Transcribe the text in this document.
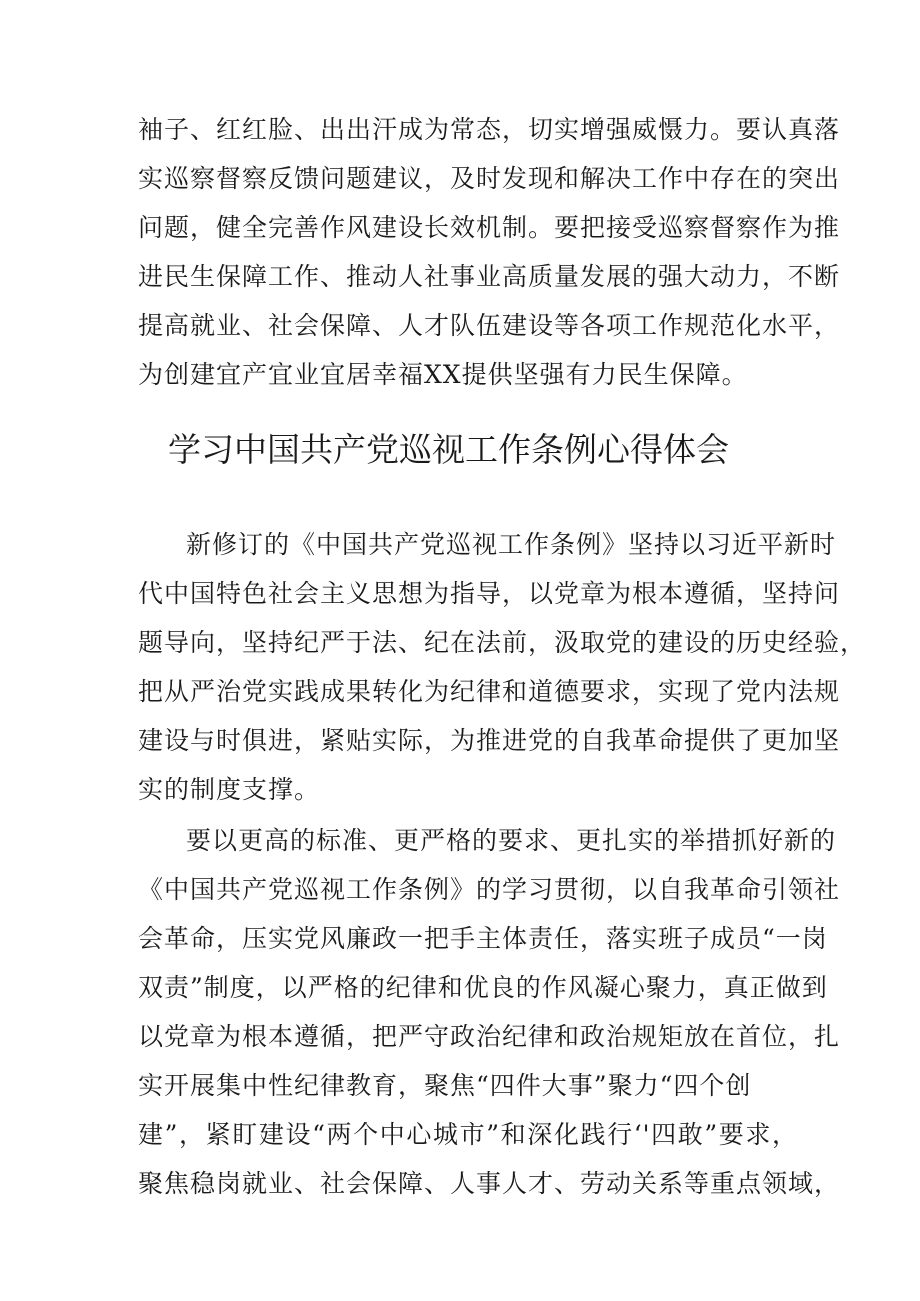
袖子、红红脸、出出汗成为常态，切实增强威慑力。要认真落
实巡察督察反馈问题建议，及时发现和解决工作中存在的突出
问题，健全完善作风建设长效机制。要把接受巡察督察作为推
进民生保障工作、推动人社事业高质量发展的强大动力，不断
提高就业、社会保障、人才队伍建设等各项工作规范化水平，
为创建宜产宜业宜居幸福XX提供坚强有力民生保障。
学习中国共产党巡视工作条例心得体会
新修订的《中国共产党巡视工作条例》坚持以习近平新时
代中国特色社会主义思想为指导，以党章为根本遵循，坚持问
题导向，坚持纪严于法、纪在法前，汲取党的建设的历史经验，
把从严治党实践成果转化为纪律和道德要求，实现了党内法规
建设与时俱进，紧贴实际，为推进党的自我革命提供了更加坚
实的制度支撑。
要以更高的标准、更严格的要求、更扎实的举措抓好新的
《中国共产党巡视工作条例》的学习贯彻，以自我革命引领社
会革命，压实党风廉政一把手主体责任，落实班子成员“一岗
双责”制度，以严格的纪律和优良的作风凝心聚力，真正做到
以党章为根本遵循，把严守政治纪律和政治规矩放在首位，扎
实开展集中性纪律教育，聚焦“四件大事”聚力“四个创
建”，紧盯建设“两个中心城市”和深化践行‘'四敢”要求，
聚焦稳岗就业、社会保障、人事人才、劳动关系等重点领域，
